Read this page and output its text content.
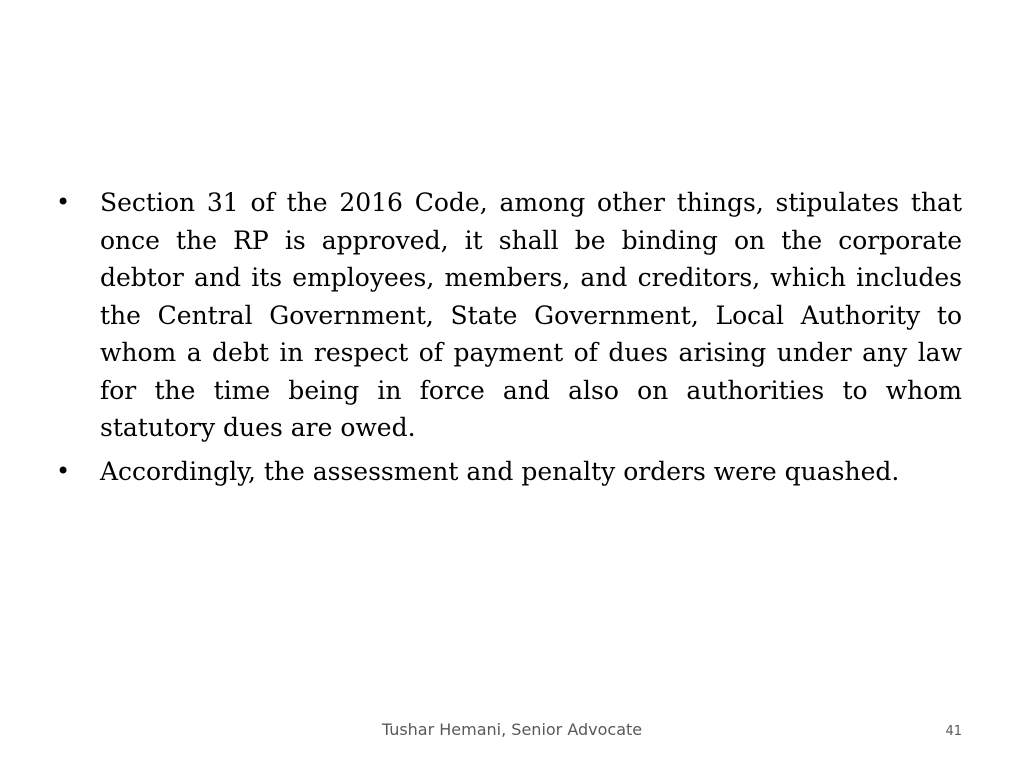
• Section 31 of the 2016 Code, among other things, stipulates that once the RP is approved, it shall be binding on the corporate debtor and its employees, members, and creditors, which includes the Central Government, State Government, Local Authority to whom a debt in respect of payment of dues arising under any law for the time being in force and also on authorities to whom statutory dues are owed.
• Accordingly, the assessment and penalty orders were quashed.
Tushar Hemani, Senior Advocate	41
